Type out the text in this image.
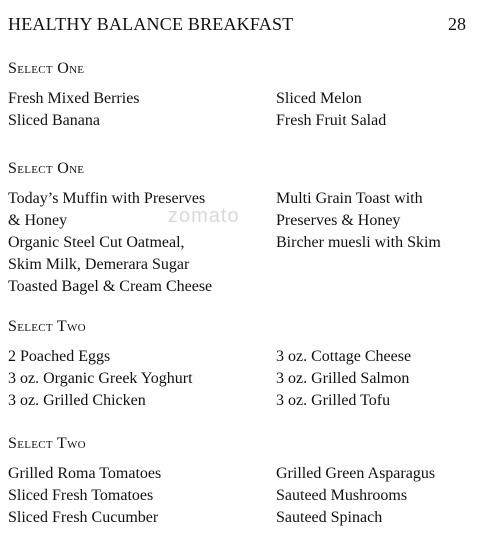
HEALTHY BALANCE BREAKFAST	28
zomato
Select One
Fresh Mixed Berries
Sliced Banana
Sliced Melon
Fresh Fruit Salad
Select One
Today’s Muffin with Preserves
& Honey
Organic Steel Cut Oatmeal,
Skim Milk, Demerara Sugar
Toasted Bagel & Cream Cheese
Multi Grain Toast with
Preserves & Honey
Bircher muesli with Skim
Select Two
2 Poached Eggs
3 oz. Organic Greek Yoghurt
3 oz. Grilled Chicken
3 oz. Cottage Cheese
3 oz. Grilled Salmon
3 oz. Grilled Tofu
Select Two
Grilled Roma Tomatoes
Sliced Fresh Tomatoes
Sliced Fresh Cucumber
Grilled Green Asparagus
Sauteed Mushrooms
Sauteed Spinach
